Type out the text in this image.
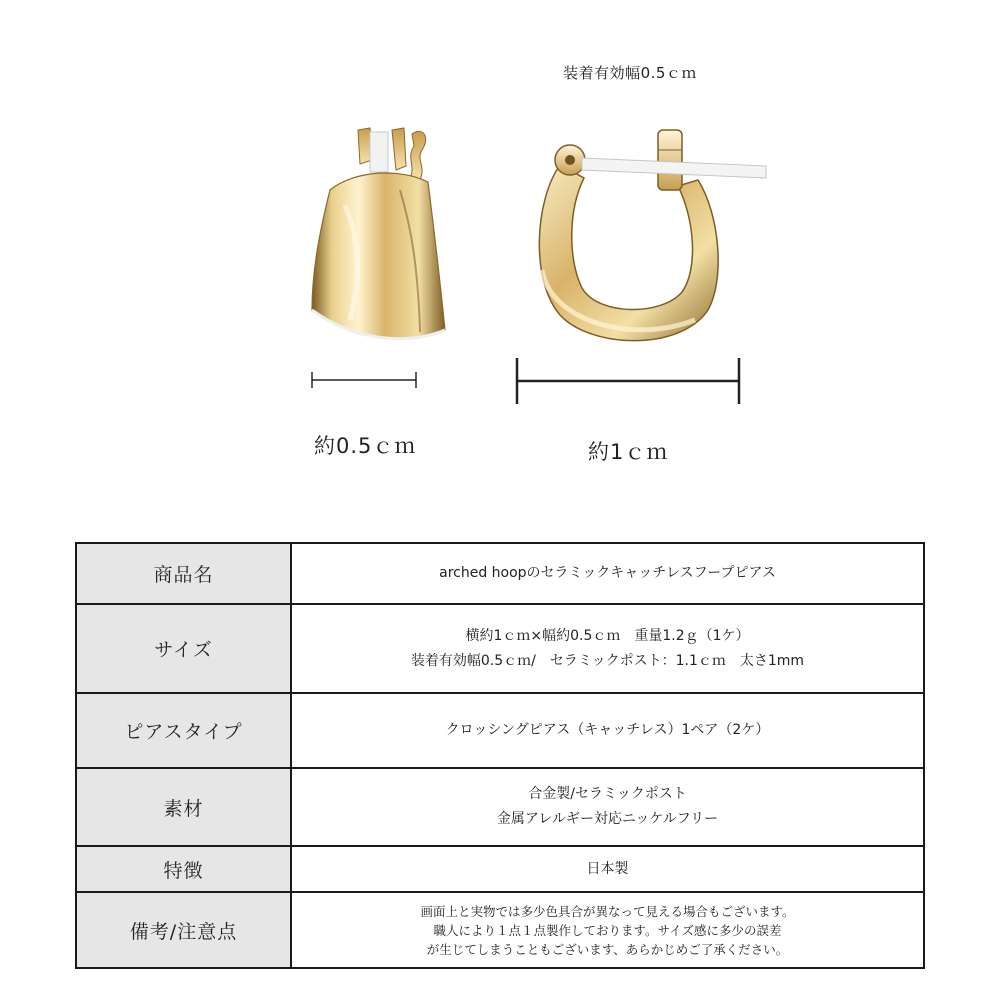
装着有効幅0.5ｃｍ
約0.5ｃｍ	約1ｃｍ
商品名	arched hoopのセラミックキャッチレスフープピアス

サイズ	横約1ｃｍ×幅約0.5ｃｍ　重量1.2ｇ（1ケ）
装着有効幅0.5ｃｍ/　セラミックポスト：1.1ｃｍ　太さ1mm

ピアスタイプ	クロッシングピアス（キャッチレス）1ペア（2ケ）

素材	合金製/セラミックポスト
金属アレルギー対応ニッケルフリー

特徴	日本製

備考/注意点	画面上と実物では多少色具合が異なって見える場合もございます。
職人により１点１点製作しております。サイズ感に多少の誤差
が生じてしまうこともございます、あらかじめご了承ください。
